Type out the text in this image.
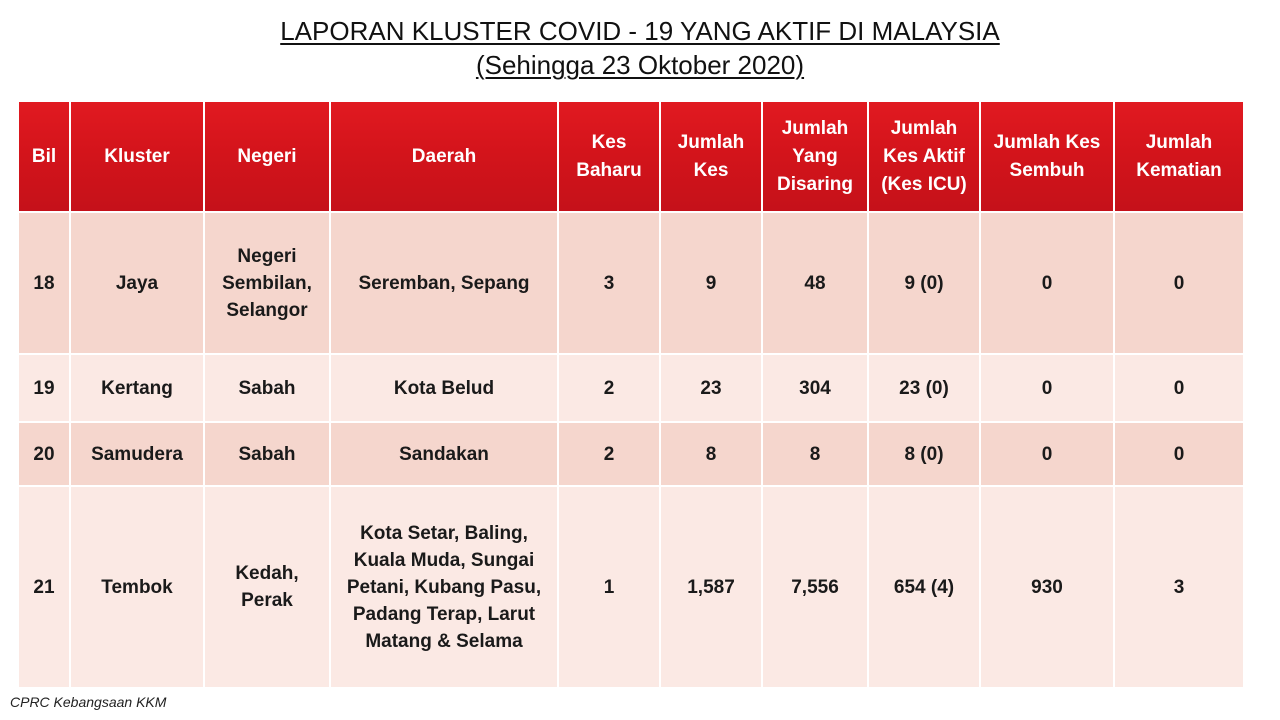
LAPORAN KLUSTER COVID - 19 YANG AKTIF DI MALAYSIA
(Sehingga 23 Oktober 2020)
Bil	Kluster	Negeri	Daerah	Kes Baharu	Jumlah Kes	Jumlah Yang Disaring	Jumlah Kes Aktif (Kes ICU)	Jumlah Kes Sembuh	Jumlah Kematian
18	Jaya	Negeri Sembilan, Selangor	Seremban, Sepang	3	9	48	9 (0)	0	0
19	Kertang	Sabah	Kota Belud	2	23	304	23 (0)	0	0
20	Samudera	Sabah	Sandakan	2	8	8	8 (0)	0	0
21	Tembok	Kedah, Perak	Kota Setar, Baling, Kuala Muda, Sungai Petani, Kubang Pasu, Padang Terap, Larut Matang & Selama	1	1,587	7,556	654 (4)	930	3
CPRC Kebangsaan KKM
